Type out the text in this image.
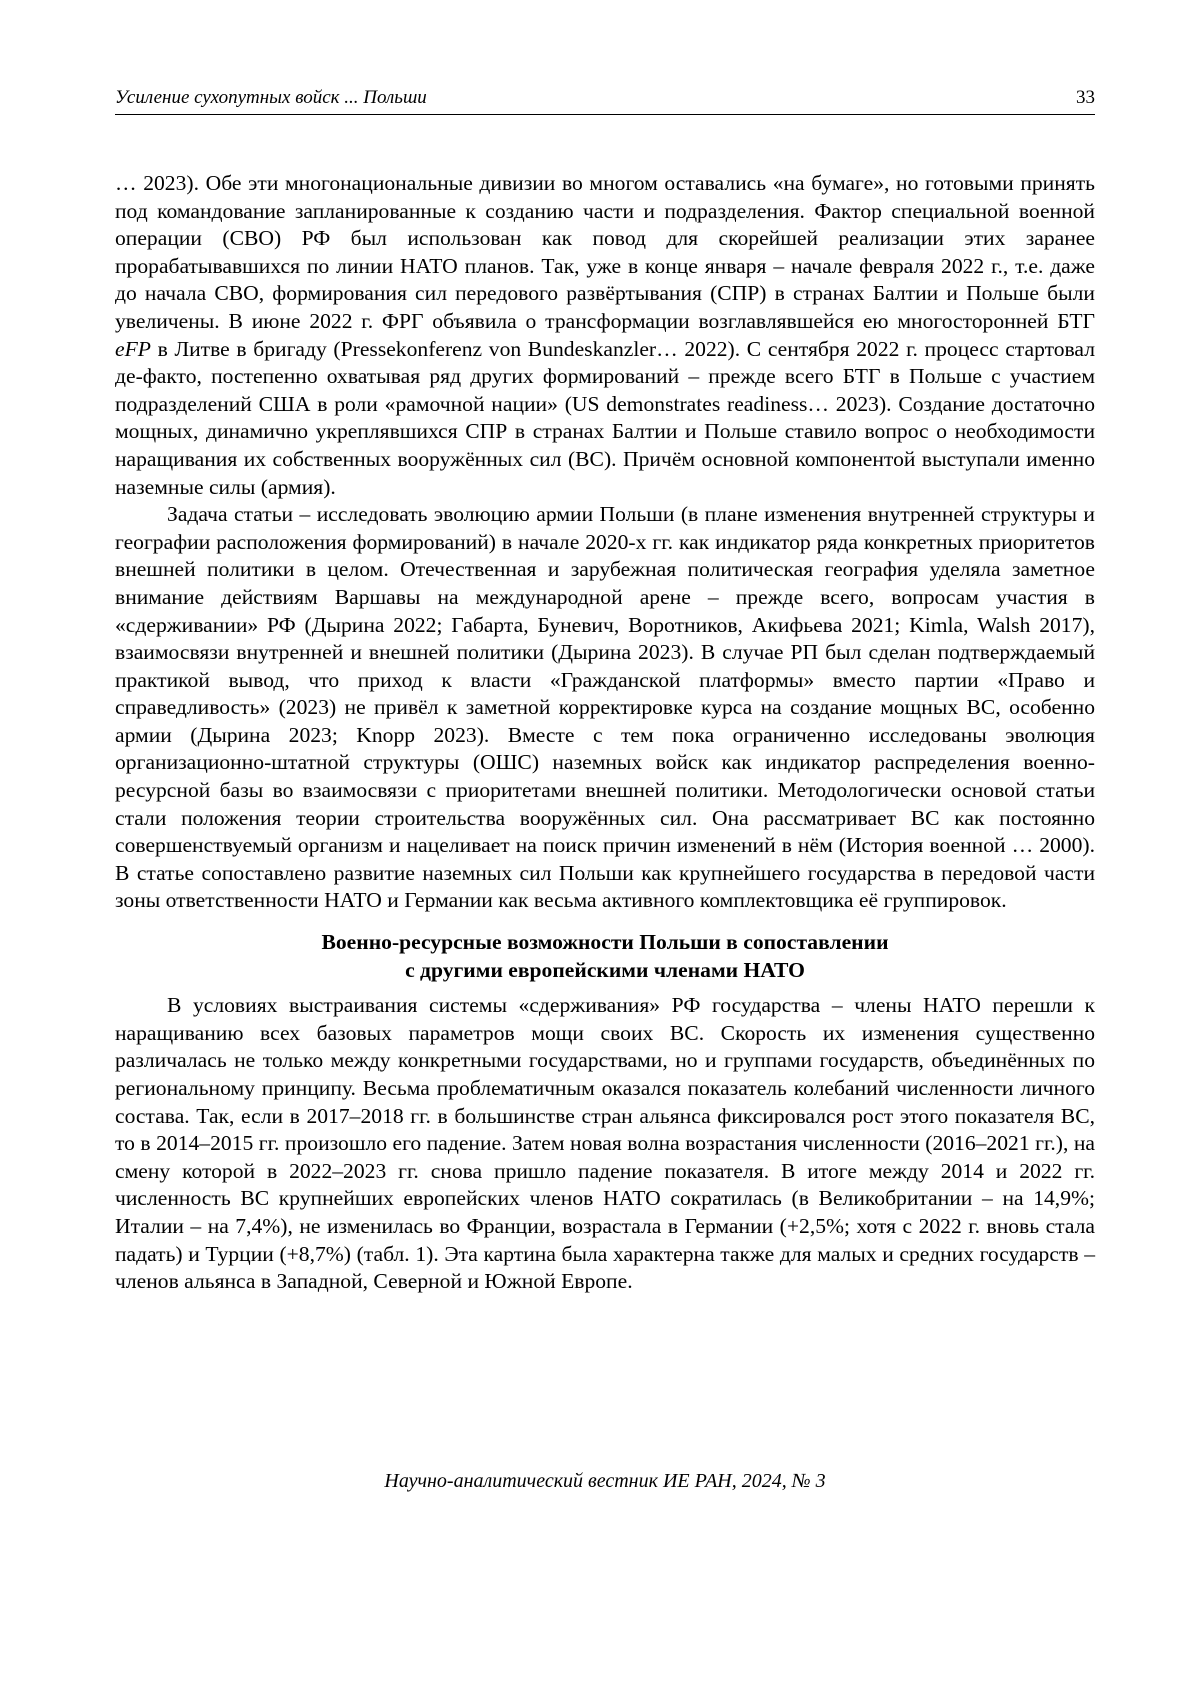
Усиление сухопутных войск ... Польши	33

… 2023). Обе эти многонациональные дивизии во многом оставались «на бумаге», но готовыми принять под командование запланированные к созданию части и подразделения. Фактор специальной военной операции (СВО) РФ был использован как повод для скорейшей реализации этих заранее прорабатывавшихся по линии НАТО планов. Так, уже в конце января – начале февраля 2022 г., т.е. даже до начала СВО, формирования сил передового развёртывания (СПР) в странах Балтии и Польше были увеличены. В июне 2022 г. ФРГ объявила о трансформации возглавлявшейся ею многосторонней БТГ eFP в Литве в бригаду (Pressekonferenz von Bundeskanzler… 2022). С сентября 2022 г. процесс стартовал де-факто, постепенно охватывая ряд других формирований – прежде всего БТГ в Польше с участием подразделений США в роли «рамочной нации» (US demonstrates readiness… 2023). Создание достаточно мощных, динамично укреплявшихся СПР в странах Балтии и Польше ставило вопрос о необходимости наращивания их собственных вооружённых сил (ВС). Причём основной компонентой выступали именно наземные силы (армия).

Задача статьи – исследовать эволюцию армии Польши (в плане изменения внутренней структуры и географии расположения формирований) в начале 2020-х гг. как индикатор ряда конкретных приоритетов внешней политики в целом. Отечественная и зарубежная политическая география уделяла заметное внимание действиям Варшавы на международной арене – прежде всего, вопросам участия в «сдерживании» РФ (Дырина 2022; Габарта, Буневич, Воротников, Акифьева 2021; Kimla, Walsh 2017), взаимосвязи внутренней и внешней политики (Дырина 2023). В случае РП был сделан подтверждаемый практикой вывод, что приход к власти «Гражданской платформы» вместо партии «Право и справедливость» (2023) не привёл к заметной корректировке курса на создание мощных ВС, особенно армии (Дырина 2023; Knopp 2023). Вместе с тем пока ограниченно исследованы эволюция организационно-штатной структуры (ОШС) наземных войск как индикатор распределения военно-ресурсной базы во взаимосвязи с приоритетами внешней политики. Методологически основой статьи стали положения теории строительства вооружённых сил. Она рассматривает ВС как постоянно совершенствуемый организм и нацеливает на поиск причин изменений в нём (История военной … 2000). В статье сопоставлено развитие наземных сил Польши как крупнейшего государства в передовой части зоны ответственности НАТО и Германии как весьма активного комплектовщика её группировок.

Военно-ресурсные возможности Польши в сопоставлении
с другими европейскими членами НАТО

В условиях выстраивания системы «сдерживания» РФ государства – члены НАТО перешли к наращиванию всех базовых параметров мощи своих ВС. Скорость их изменения существенно различалась не только между конкретными государствами, но и группами государств, объединённых по региональному принципу. Весьма проблематичным оказался показатель колебаний численности личного состава. Так, если в 2017–2018 гг. в большинстве стран альянса фиксировался рост этого показателя ВС, то в 2014–2015 гг. произошло его падение. Затем новая волна возрастания численности (2016–2021 гг.), на смену которой в 2022–2023 гг. снова пришло падение показателя. В итоге между 2014 и 2022 гг. численность ВС крупнейших европейских членов НАТО сократилась (в Великобритании – на 14,9%; Италии – на 7,4%), не изменилась во Франции, возрастала в Германии (+2,5%; хотя с 2022 г. вновь стала падать) и Турции (+8,7%) (табл. 1). Эта картина была характерна также для малых и средних государств – членов альянса в Западной, Северной и Южной Европе.

Научно-аналитический вестник ИЕ РАН, 2024, № 3
